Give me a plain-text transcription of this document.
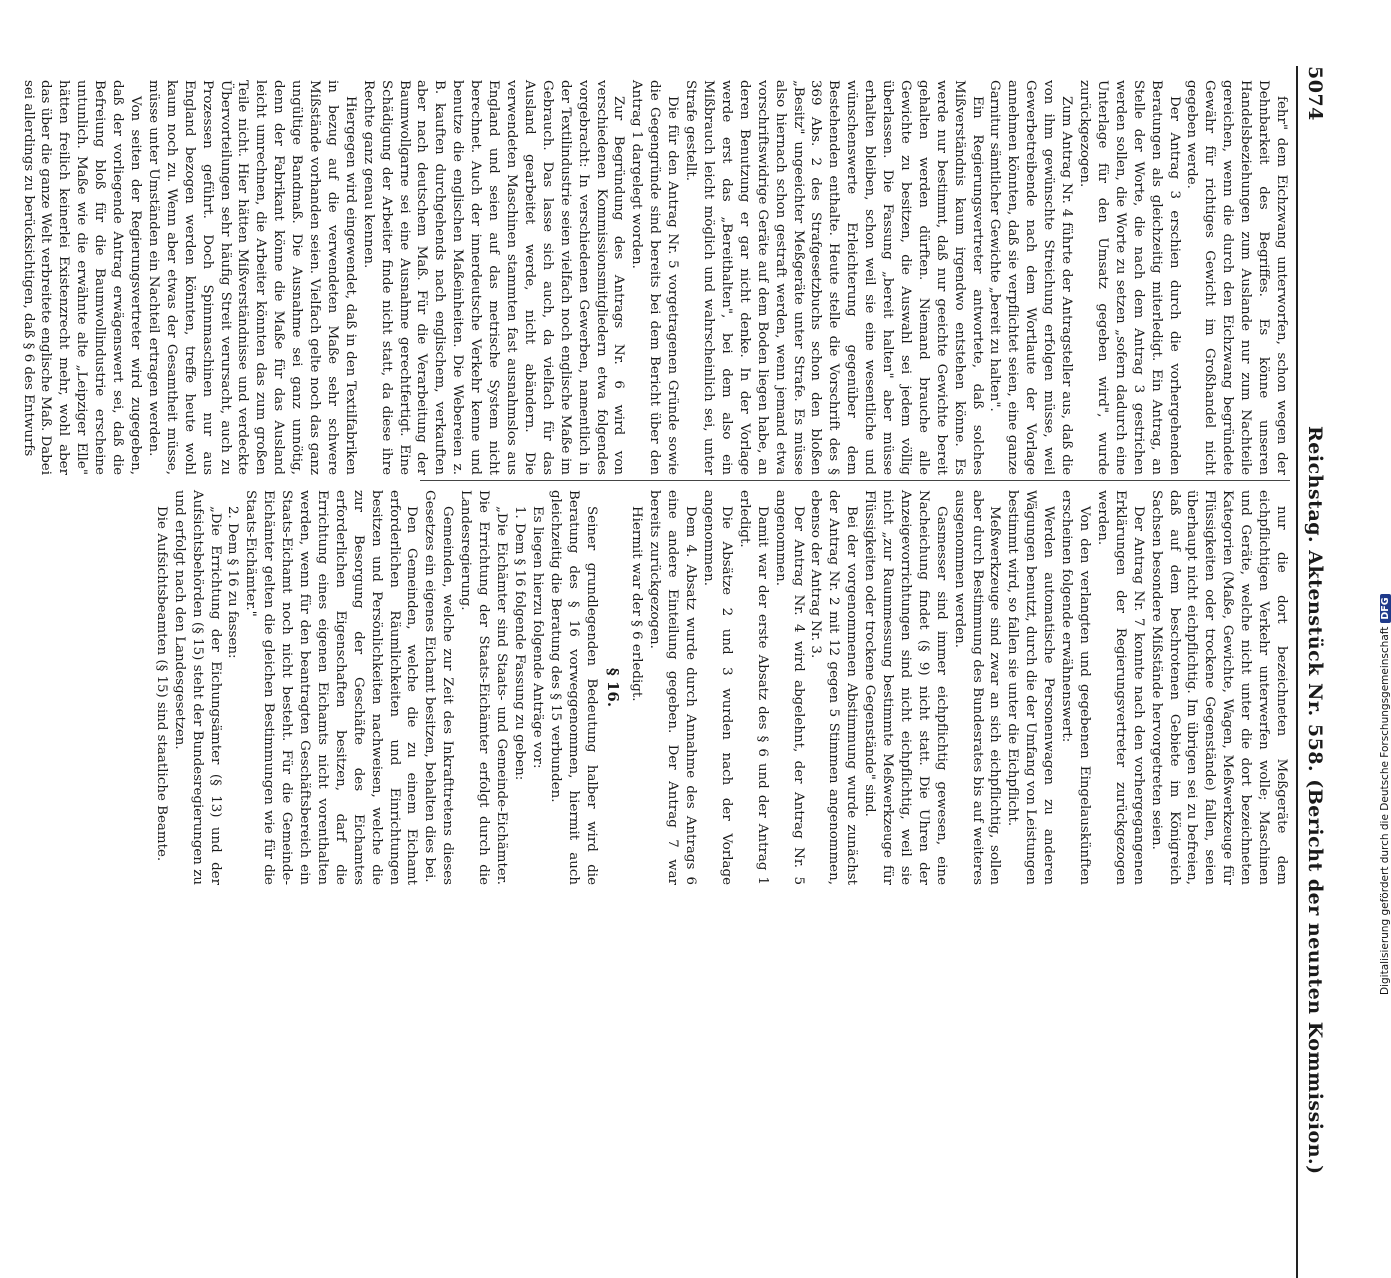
5074
Reichstag. Aktenstück Nr. 558. (Bericht der neunten Kommission.)

fehr" dem Eichzwang unterworfen, schon wegen der Dehnbarkeit des Begriffes. Es könne unseren Handelsbeziehungen zum Auslande nur zum Nachteile gereichen, wenn die durch den Eichzwang begründete Gewähr für richtiges Gewicht im Großhandel nicht gegeben werde.

Der Antrag 3 erschien durch die vorhergehenden Beratungen als gleichzeitig miterledigt. Ein Antrag, an Stelle der Worte, die nach dem Antrag 3 gestrichen werden sollen, die Worte zu setzen „sofern dadurch eine Unterlage für den Umsatz gegeben wird", wurde zurückgezogen.

Zum Antrag Nr. 4 führte der Antragsteller aus, daß die von ihm gewünschte Streichung erfolgen müsse, weil Gewerbetreibende nach dem Wortlaute der Vorlage annehmen könnten, daß sie verpflichtet seien, eine ganze Garnitur sämtlicher Gewichte „bereit zu halten".

Ein Regierungsvertreter antwortete, daß solches Mißverständnis kaum irgendwo entstehen könne. Es werde nur bestimmt, daß nur geeichte Gewichte bereit gehalten werden dürften. Niemand brauche alle Gewichte zu besitzen, die Auswahl sei jedem völlig überlassen. Die Fassung „bereit halten" aber müsse erhalten bleiben, schon weil sie eine wesentliche und wünschenswerte Erleichterung gegenüber dem Bestehenden enthalte. Heute stelle die Vorschrift des § 369 Abs. 2 des Strafgesetzbuchs schon den bloßen „Besitz" ungeeichter Meßgeräte unter Strafe. Es müsse also hiernach schon gestraft werden, wenn jemand etwa vorschriftswidrige Geräte auf dem Boden liegen habe, an deren Benutzung er gar nicht denke. In der Vorlage werde erst das „Bereithalten", bei dem also ein Mißbrauch leicht möglich und wahrscheinlich sei, unter Strafe gestellt.

Die für den Antrag Nr. 5 vorgetragenen Gründe sowie die Gegengründe sind bereits bei dem Bericht über den Antrag 1 dargelegt worden.

Zur Begründung des Antrags Nr. 6 wird von verschiedenen Kommissionsmitgliedern etwa folgendes vorgebracht: In verschiedenen Gewerben, namentlich in der Textilindustrie seien vielfach noch englische Maße im Gebrauch. Das lasse sich auch, da vielfach für das Ausland gearbeitet werde, nicht abändern. Die verwendeten Maschinen stammten fast ausnahmslos aus England und seien auf das metrische System nicht berechnet. Auch der innerdeutsche Verkehr kenne und benutze die englischen Maßeinheiten. Die Webereien z. B. kauften durchgehends nach englischem, verkauften aber nach deutschem Maß. Für die Verarbeitung der Baumwollgarne sei eine Ausnahme gerechtfertigt. Eine Schädigung der Arbeiter finde nicht statt, da diese ihre Rechte ganz genau kennen.

Hiergegen wird eingewendet, daß in den Textilfabriken in bezug auf die verwendeten Maße sehr schwere Mißstände vorhanden seien. Vielfach gelte noch das ganz ungültige Bandmaß. Die Ausnahme sei ganz unnötig, denn der Fabrikant könne die Maße für das Ausland leicht umrechnen, die Arbeiter könnten das zum großen Teile nicht. Hier hätten Mißverständnisse und verdeckte Übervorteilungen sehr häufig Streit verursacht, auch zu Prozessen geführt. Doch Spinnmaschinen nur aus England bezogen werden könnten, treffe heute wohl kaum noch zu. Wenn aber etwas der Gesamtheit müsse, müsse unter Umständen ein Nachteil ertragen werden.

Von seiten der Regierungsvertreter wird zugegeben, daß der vorliegende Antrag erwägenswert sei, daß die Befreiung bloß für die Baumwollindustrie erscheine untunlich. Maße wie die erwähnte alte „Leipziger Elle" hätten freilich keinerlei Existenzrecht mehr, wohl aber das über die ganze Welt verbreitete englische Maß. Dabei sei allerdings zu berücksichtigen, daß § 6 des Entwurfs

nur die dort bezeichneten Meßgeräte dem eichpflichtigen Verkehr unterwerfen wolle; Maschinen und Geräte, welche nicht unter die dort bezeichneten Kategorien (Maße, Gewichte, Wagen, Meßwerkzeuge für Flüssigkeiten oder trockene Gegenstände) fallen, seien überhaupt nicht eichpflichtig. Im übrigen sei zu befreien, daß auf dem beschrotenen Gebiete im Königreich Sachsen besondere Mißstände hervorgetreten seien.

Der Antrag Nr. 7 konnte nach den vorhergegangenen Erklärungen der Regierungsvertreter zurückgezogen werden.

Von den verlangten und gegebenen Eingelauskünften erscheinen folgende erwähnenswert:

Werden automatische Personenwagen zu anderen Wägungen benutzt, durch die der Umfang von Leistungen bestimmt wird, so fallen sie unter die Eichpflicht.

Meßwerkzeuge sind zwar an sich eichpflichtig, sollen aber durch Bestimmung des Bundesrates bis auf weiteres ausgenommen werden.

Gasmesser sind immer eichpflichtig gewesen, eine Nacheichung findet (§ 9) nicht statt. Die Uhren der Anzeigevorrichtungen sind nicht eichpflichtig, weil sie nicht „zur Raummessung bestimmte Meßwerkzeuge für Flüssigkeiten oder trockene Gegenstände" sind.

Bei der vorgenommenen Abstimmung wurde zunächst der Antrag Nr. 2 mit 12 gegen 5 Stimmen angenommen, ebenso der Antrag Nr. 3.

Der Antrag Nr. 4 wird abgelehnt, der Antrag Nr. 5 angenommen.

Damit war der erste Absatz des § 6 und der Antrag 1 erledigt.

Die Absätze 2 und 3 wurden nach der Vorlage angenommen.

Dem 4. Absatz wurde durch Annahme des Antrags 6 eine andere Einteilung gegeben. Der Antrag 7 war bereits zurückgezogen.

Hiermit war der § 6 erledigt.

§ 16.

Seiner grundlegenden Bedeutung halber wird die Beratung des § 16 vorweggenommen, hiermit auch gleichzeitig die Beratung des § 15 verbunden.

Es liegen hierzu folgende Anträge vor:

1. Dem § 16 folgende Fassung zu geben:

„Die Eichämter sind Staats- und Gemeinde-Eichämter. Die Errichtung der Staats-Eichämter erfolgt durch die Landesregierung.

Gemeinden, welche zur Zeit des Inkrafttretens dieses Gesetzes ein eigenes Eichamt besitzen, behalten dies bei.

Den Gemeinden, welche die zu einem Eichamt erforderlichen Räumlichkeiten und Einrichtungen besitzen und Persönlichkeiten nachweisen, welche die zur Besorgung der Geschäfte des Eichamtes erforderlichen Eigenschaften besitzen, darf die Errichtung eines eigenen Eichamts nicht vorenthalten werden, wenn für den beantragten Geschäftsbereich ein Staats-Eichamt noch nicht besteht. Für die Gemeinde-Eichämter gelten die gleichen Bestimmungen wie für die Staats-Eichämter."

2. Dem § 16 zu fassen:

„Die Errichtung der Eichungsämter (§ 13) und der Aufsichtsbehörden (§ 15) steht der Bundesregierungen zu und erfolgt nach den Landesgesetzen.

Die Aufsichtsbeamten (§ 15) sind staatliche Beamte.	Digitalisierung gefördert durch die Deutsche Forschungsgemeinschaft
DFG
